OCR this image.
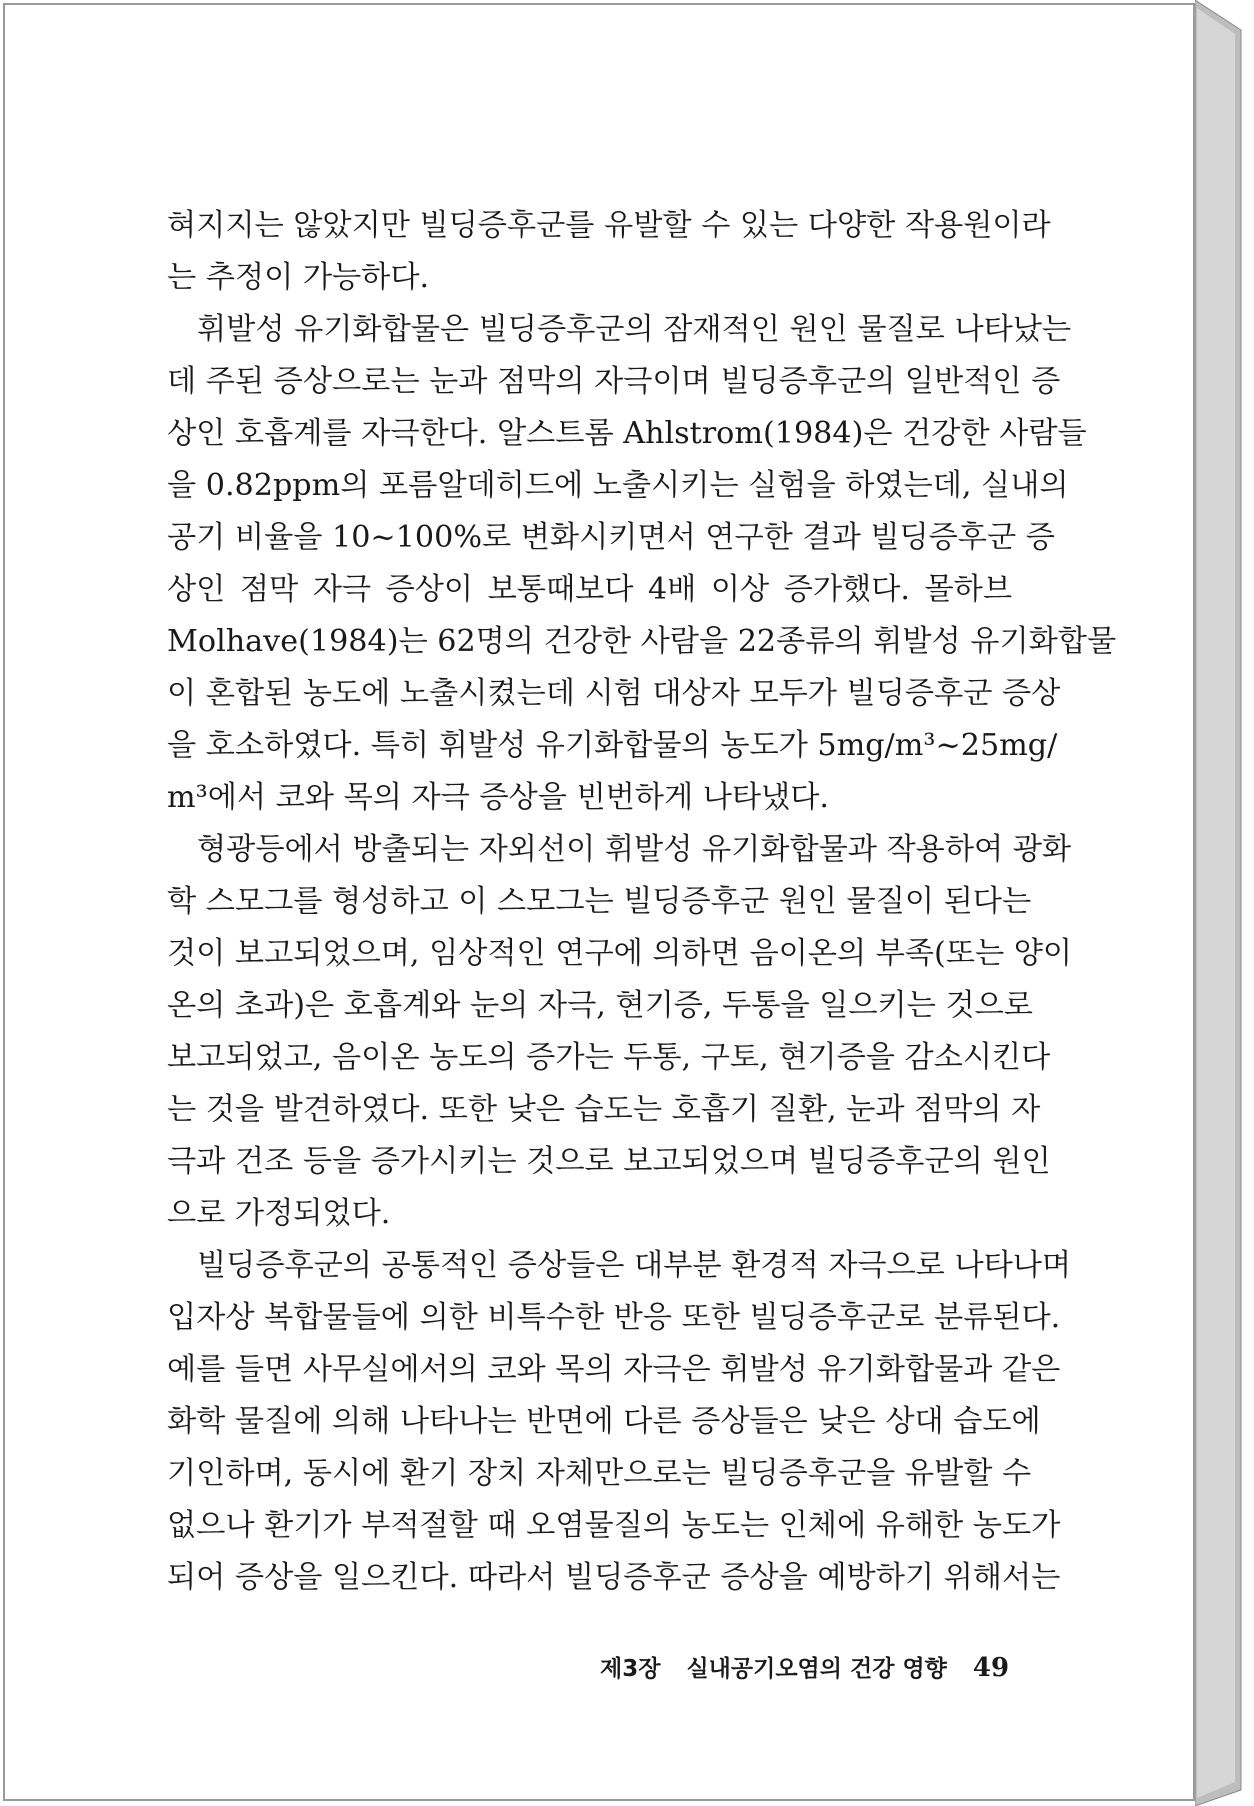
혀지지는 않았지만 빌딩증후군를 유발할 수 있는 다양한 작용원이라
는 추정이 가능하다.
휘발성 유기화합물은 빌딩증후군의 잠재적인 원인 물질로 나타났는
데 주된 증상으로는 눈과 점막의 자극이며 빌딩증후군의 일반적인 증
상인 호흡계를 자극한다. 알스트롬 Ahlstrom(1984)은 건강한 사람들
을 0.82ppm의 포름알데히드에 노출시키는 실험을 하였는데, 실내의
공기 비율을 10~100%로 변화시키면서 연구한 결과 빌딩증후군 증
상인 점막 자극 증상이 보통때보다 4배 이상 증가했다. 몰하브
Molhave(1984)는 62명의 건강한 사람을 22종류의 휘발성 유기화합물
이 혼합된 농도에 노출시켰는데 시험 대상자 모두가 빌딩증후군 증상
을 호소하였다. 특히 휘발성 유기화합물의 농도가 5mg/m³~25mg/
m³에서 코와 목의 자극 증상을 빈번하게 나타냈다.
형광등에서 방출되는 자외선이 휘발성 유기화합물과 작용하여 광화
학 스모그를 형성하고 이 스모그는 빌딩증후군 원인 물질이 된다는
것이 보고되었으며, 임상적인 연구에 의하면 음이온의 부족(또는 양이
온의 초과)은 호흡계와 눈의 자극, 현기증, 두통을 일으키는 것으로
보고되었고, 음이온 농도의 증가는 두통, 구토, 현기증을 감소시킨다
는 것을 발견하였다. 또한 낮은 습도는 호흡기 질환, 눈과 점막의 자
극과 건조 등을 증가시키는 것으로 보고되었으며 빌딩증후군의 원인
으로 가정되었다.
빌딩증후군의 공통적인 증상들은 대부분 환경적 자극으로 나타나며
입자상 복합물들에 의한 비특수한 반응 또한 빌딩증후군로 분류된다.
예를 들면 사무실에서의 코와 목의 자극은 휘발성 유기화합물과 같은
화학 물질에 의해 나타나는 반면에 다른 증상들은 낮은 상대 습도에
기인하며, 동시에 환기 장치 자체만으로는 빌딩증후군을 유발할 수
없으나 환기가 부적절할 때 오염물질의 농도는 인체에 유해한 농도가
되어 증상을 일으킨다. 따라서 빌딩증후군 증상을 예방하기 위해서는
제3장 실내공기오염의 건강 영향 49
